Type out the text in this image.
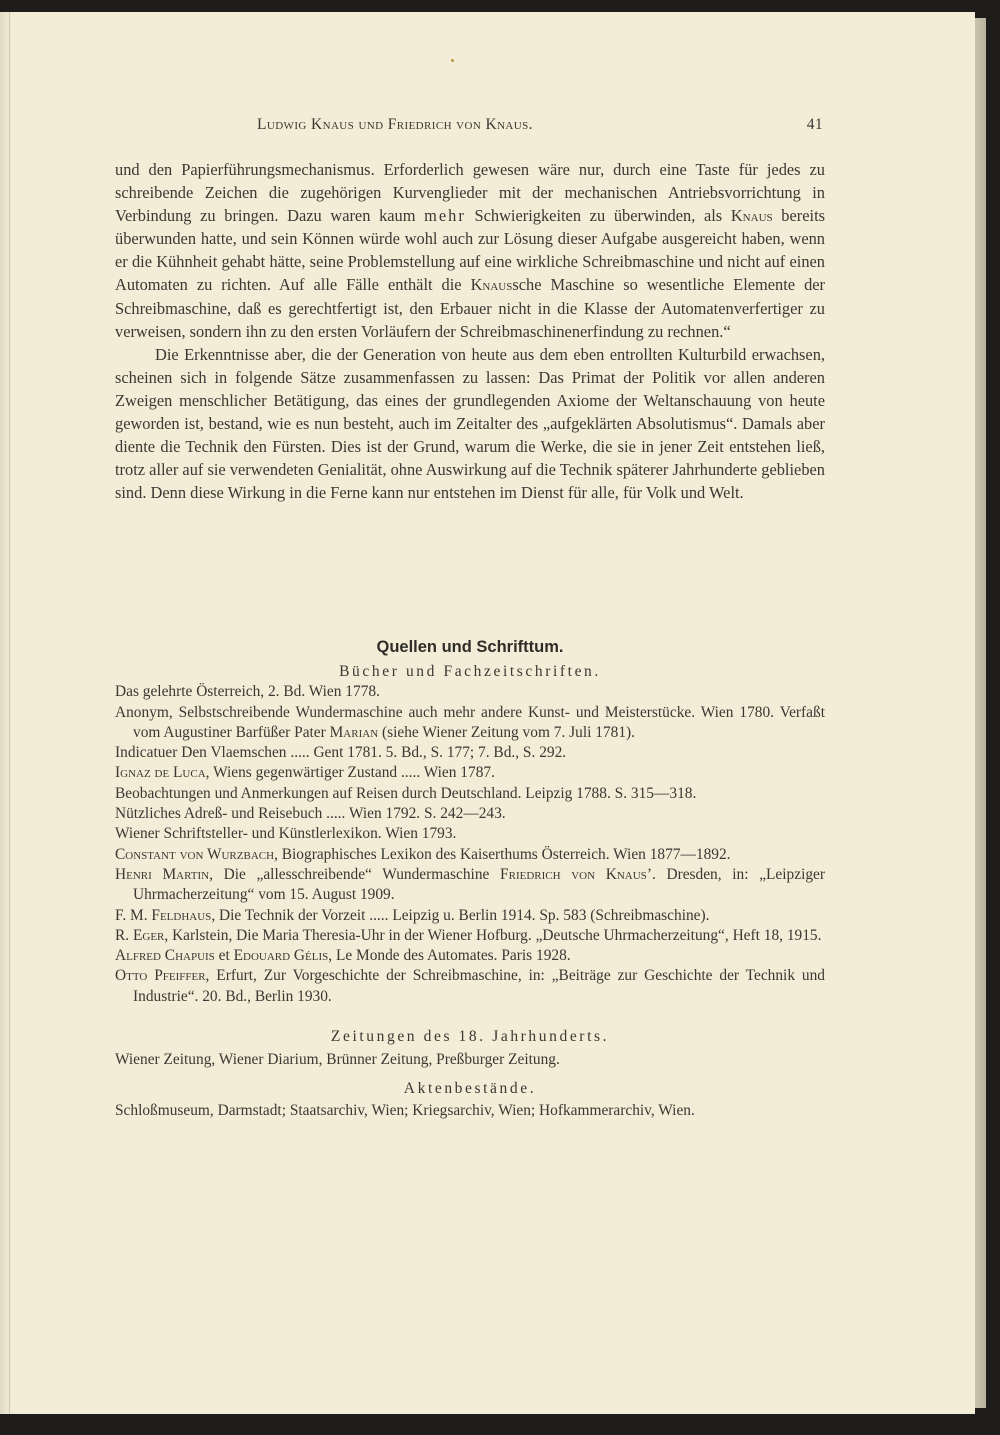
Ludwig Knaus und Friedrich von Knaus.	41

und den Papierführungsmechanismus. Erforderlich gewesen wäre nur, durch eine Taste für jedes zu schreibende Zeichen die zugehörigen Kurvenglieder mit der mechanischen Antriebsvorrichtung in Verbindung zu bringen. Dazu waren kaum mehr Schwierigkeiten zu überwinden, als Knaus bereits überwunden hatte, und sein Können würde wohl auch zur Lösung dieser Aufgabe ausgereicht haben, wenn er die Kühnheit gehabt hätte, seine Problemstellung auf eine wirkliche Schreibmaschine und nicht auf einen Automaten zu richten. Auf alle Fälle enthält die Knaussche Maschine so wesentliche Elemente der Schreibmaschine, daß es gerechtfertigt ist, den Erbauer nicht in die Klasse der Automatenverfertiger zu verweisen, sondern ihn zu den ersten Vorläufern der Schreibmaschinenerfindung zu rechnen.“

Die Erkenntnisse aber, die der Generation von heute aus dem eben entrollten Kulturbild erwachsen, scheinen sich in folgende Sätze zusammenfassen zu lassen: Das Primat der Politik vor allen anderen Zweigen menschlicher Betätigung, das eines der grundlegenden Axiome der Weltanschauung von heute geworden ist, bestand, wie es nun besteht, auch im Zeitalter des „aufgeklärten Absolutismus“. Damals aber diente die Technik den Fürsten. Dies ist der Grund, warum die Werke, die sie in jener Zeit entstehen ließ, trotz aller auf sie verwendeten Genialität, ohne Auswirkung auf die Technik späterer Jahrhunderte geblieben sind. Denn diese Wirkung in die Ferne kann nur entstehen im Dienst für alle, für Volk und Welt.

Quellen und Schrifttum.

Bücher und Fachzeitschriften.

Das gelehrte Österreich, 2. Bd. Wien 1778.

Anonym, Selbstschreibende Wundermaschine auch mehr andere Kunst- und Meisterstücke. Wien 1780. Verfaßt vom Augustiner Barfüßer Pater Marian (siehe Wiener Zeitung vom 7. Juli 1781).

Indicatuer Den Vlaemschen ..... Gent 1781. 5. Bd., S. 177; 7. Bd., S. 292.

Ignaz de Luca, Wiens gegenwärtiger Zustand ..... Wien 1787.

Beobachtungen und Anmerkungen auf Reisen durch Deutschland. Leipzig 1788. S. 315—318.

Nützliches Adreß- und Reisebuch ..... Wien 1792. S. 242—243.

Wiener Schriftsteller- und Künstlerlexikon. Wien 1793.

Constant von Wurzbach, Biographisches Lexikon des Kaiserthums Österreich. Wien 1877—1892.

Henri Martin, Die „allesschreibende“ Wundermaschine Friedrich von Knaus’. Dresden, in: „Leipziger Uhrmacherzeitung“ vom 15. August 1909.

F. M. Feldhaus, Die Technik der Vorzeit ..... Leipzig u. Berlin 1914. Sp. 583 (Schreibmaschine).

R. Eger, Karlstein, Die Maria Theresia-Uhr in der Wiener Hofburg. „Deutsche Uhrmacherzeitung“, Heft 18, 1915.

Alfred Chapuis et Edouard Gélis, Le Monde des Automates. Paris 1928.

Otto Pfeiffer, Erfurt, Zur Vorgeschichte der Schreibmaschine, in: „Beiträge zur Geschichte der Technik und Industrie“. 20. Bd., Berlin 1930.

Zeitungen des 18. Jahrhunderts.

Wiener Zeitung, Wiener Diarium, Brünner Zeitung, Preßburger Zeitung.

Aktenbestände.

Schloßmuseum, Darmstadt; Staatsarchiv, Wien; Kriegsarchiv, Wien; Hofkammerarchiv, Wien.
